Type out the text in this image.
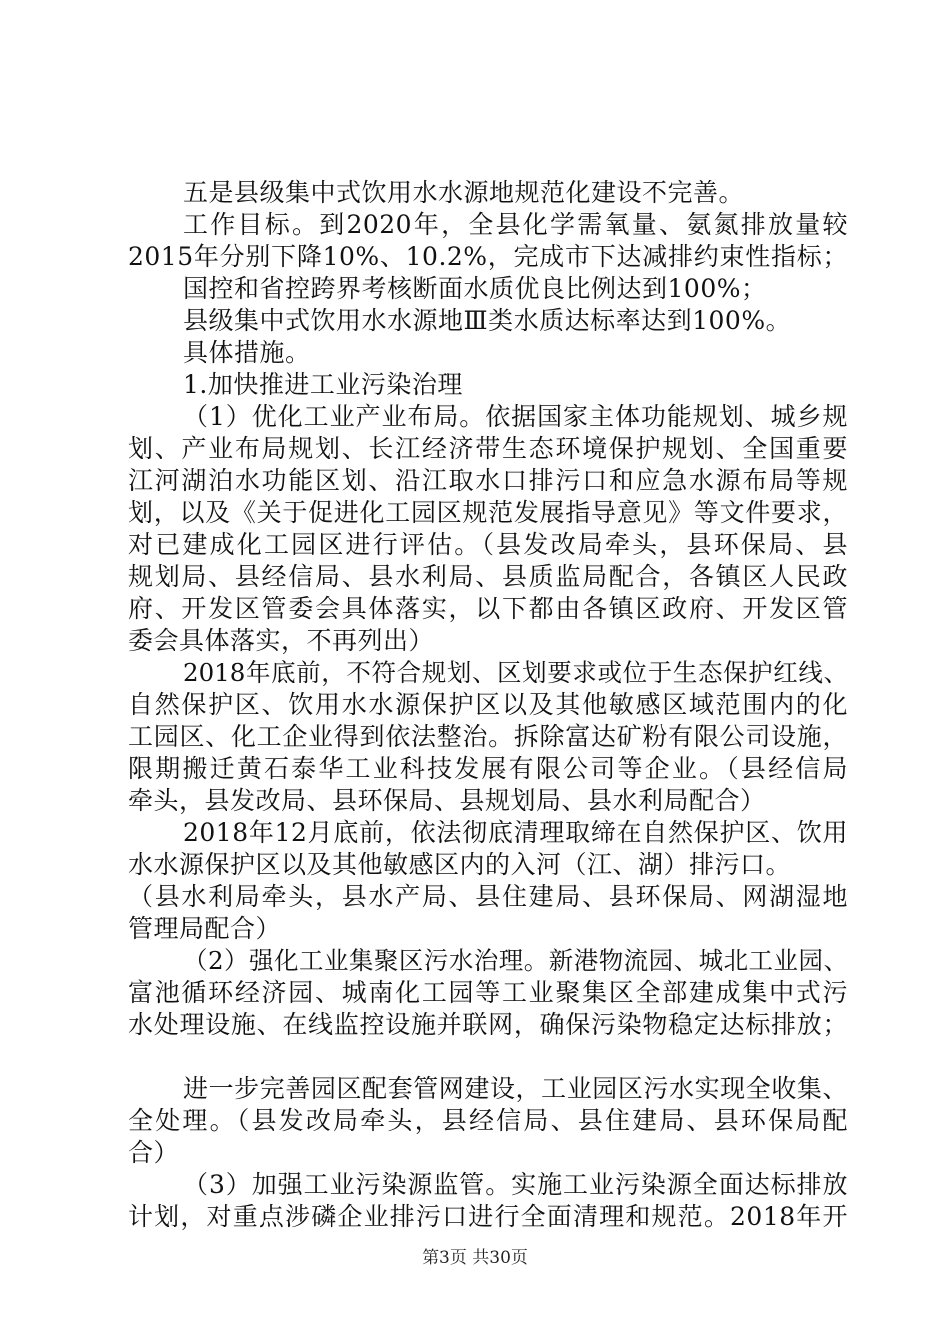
五是县级集中式饮用水水源地规范化建设不完善。
工作目标。到2020年，全县化学需氧量、氨氮排放量较
2015年分别下降10%、10.2%，完成市下达减排约束性指标；
国控和省控跨界考核断面水质优良比例达到100%；
县级集中式饮用水水源地Ⅲ类水质达标率达到100%。
具体措施。
1.加快推进工业污染治理
（1）优化工业产业布局。依据国家主体功能规划、城乡规
划、产业布局规划、长江经济带生态环境保护规划、全国重要
江河湖泊水功能区划、沿江取水口排污口和应急水源布局等规
划，以及《关于促进化工园区规范发展指导意见》等文件要求，
对已建成化工园区进行评估。（县发改局牵头，县环保局、县
规划局、县经信局、县水利局、县质监局配合，各镇区人民政
府、开发区管委会具体落实，以下都由各镇区政府、开发区管
委会具体落实，不再列出）
2018年底前，不符合规划、区划要求或位于生态保护红线、
自然保护区、饮用水水源保护区以及其他敏感区域范围内的化
工园区、化工企业得到依法整治。拆除富达矿粉有限公司设施，
限期搬迁黄石泰华工业科技发展有限公司等企业。（县经信局
牵头，县发改局、县环保局、县规划局、县水利局配合）
2018年12月底前，依法彻底清理取缔在自然保护区、饮用
水水源保护区以及其他敏感区内的入河（江、湖）排污口。
（县水利局牵头，县水产局、县住建局、县环保局、网湖湿地
管理局配合）
（2）强化工业集聚区污水治理。新港物流园、城北工业园、
富池循环经济园、城南化工园等工业聚集区全部建成集中式污
水处理设施、在线监控设施并联网，确保污染物稳定达标排放；
进一步完善园区配套管网建设，工业园区污水实现全收集、
全处理。（县发改局牵头，县经信局、县住建局、县环保局配
合）
（3）加强工业污染源监管。实施工业污染源全面达标排放
计划，对重点涉磷企业排污口进行全面清理和规范。2018年开
第3页 共30页
